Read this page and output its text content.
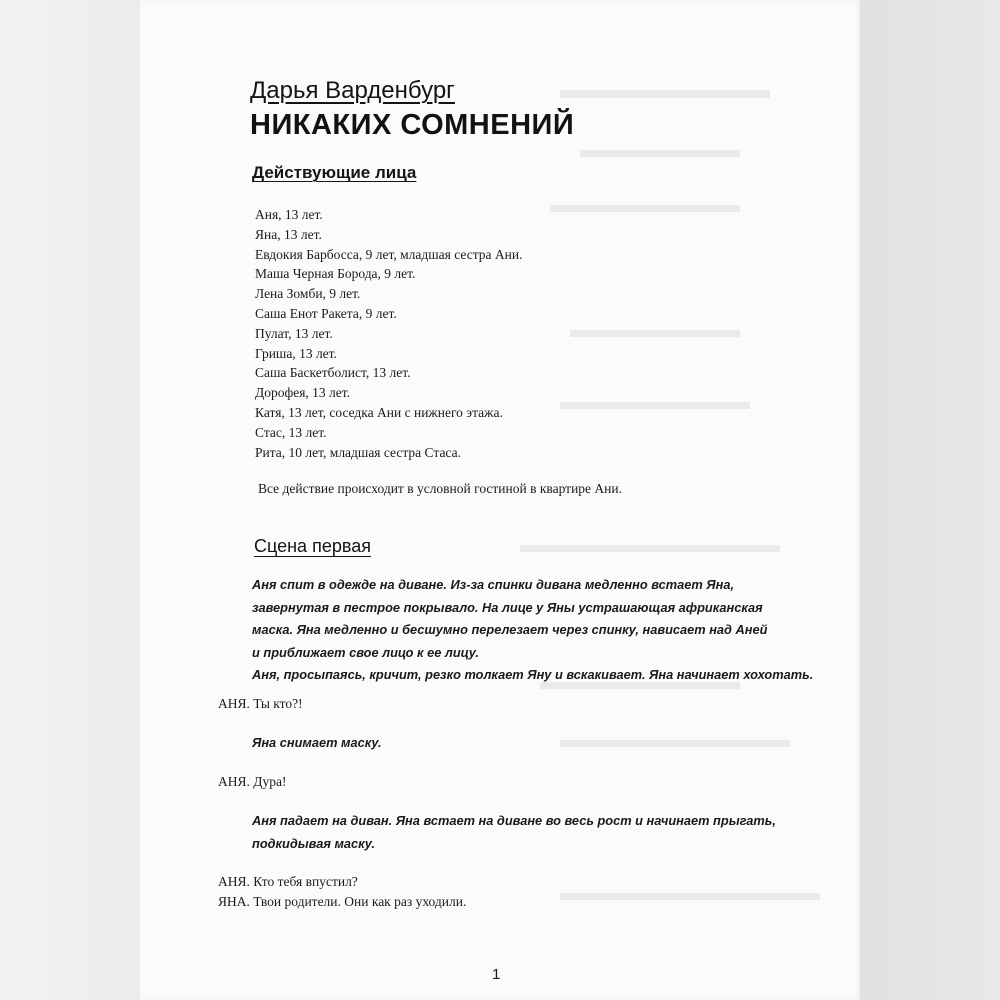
Дарья Варденбург
НИКАКИХ СОМНЕНИЙ
Действующие лица
Аня, 13 лет.
Яна, 13 лет.
Евдокия Барбосса, 9 лет, младшая сестра Ани.
Маша Черная Борода, 9 лет.
Лена Зомби, 9 лет.
Саша Енот Ракета, 9 лет.
Пулат, 13 лет.
Гриша, 13 лет.
Саша Баскетболист, 13 лет.
Дорофея, 13 лет.
Катя, 13 лет, соседка Ани с нижнего этажа.
Стас, 13 лет.
Рита, 10 лет, младшая сестра Стаса.
Все действие происходит в условной гостиной в квартире Ани.
Сцена первая
Аня спит в одежде на диване. Из-за спинки дивана медленно встает Яна,
завернутая в пестрое покрывало. На лице у Яны устрашающая африканская
маска. Яна медленно и бесшумно перелезает через спинку, нависает над Аней
и приближает свое лицо к ее лицу.
Аня, просыпаясь, кричит, резко толкает Яну и вскакивает. Яна начинает хохотать.
АНЯ. Ты кто?!
Яна снимает маску.
АНЯ. Дура!
Аня падает на диван. Яна встает на диване во весь рост и начинает прыгать,
подкидывая маску.
АНЯ. Кто тебя впустил?
ЯНА. Твои родители. Они как раз уходили.
1
